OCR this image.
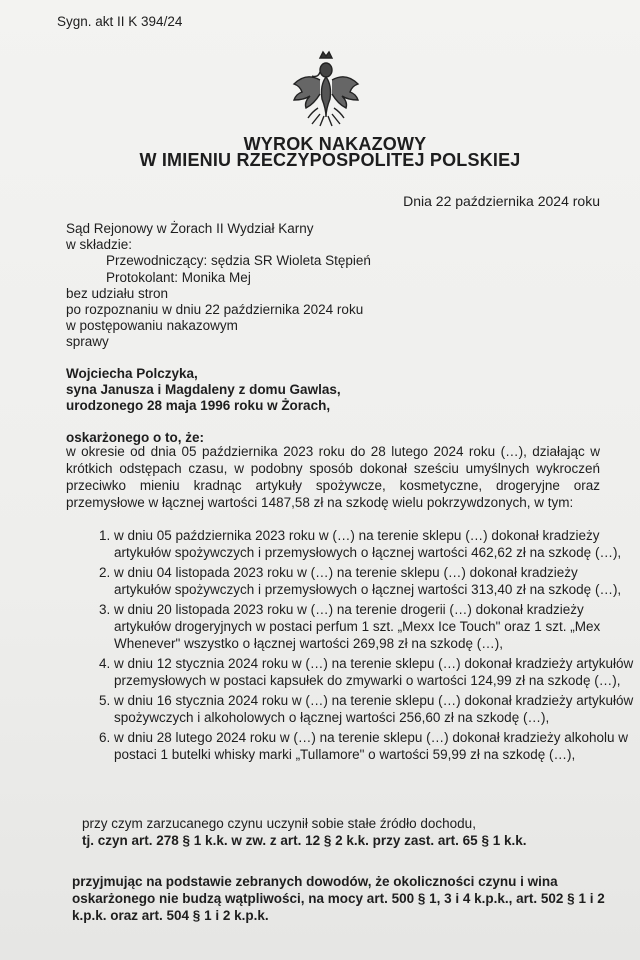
Sygn. akt II K 394/24
WYROK NAKAZOWY
W IMIENIU RZECZYPOSPOLITEJ POLSKIEJ
Dnia 22 października 2024 roku
Sąd Rejonowy w Żorach II Wydział Karny
w składzie:
Przewodniczący: sędzia SR Wioleta Stępień
Protokolant: Monika Mej
bez udziału stron
po rozpoznaniu w dniu 22 października 2024 roku
w postępowaniu nakazowym
sprawy
Wojciecha Polczyka,
syna Janusza i Magdaleny z domu Gawlas,
urodzonego 28 maja 1996 roku w Żorach,
oskarżonego o to, że:
w okresie od dnia 05 października 2023 roku do 28 lutego 2024 roku (…), działając w krótkich odstępach czasu, w podobny sposób dokonał sześciu umyślnych wykroczeń przeciwko mieniu kradnąc artykuły spożywcze, kosmetyczne, drogeryjne oraz przemysłowe w łącznej wartości 1487,58 zł na szkodę wielu pokrzywdzonych, w tym:
1. w dniu 05 października 2023 roku w (…) na terenie sklepu (…) dokonał kradzieży artykułów spożywczych i przemysłowych o łącznej wartości 462,62 zł na szkodę (…),
2. w dniu 04 listopada 2023 roku w (…) na terenie sklepu (…) dokonał kradzieży artykułów spożywczych i przemysłowych o łącznej wartości 313,40 zł na szkodę (…),
3. w dniu 20 listopada 2023 roku w (…) na terenie drogerii (…) dokonał kradzieży artykułów drogeryjnych w postaci perfum 1 szt. „Mexx Ice Touch" oraz 1 szt. „Mex Whenever" wszystko o łącznej wartości 269,98 zł na szkodę (…),
4. w dniu 12 stycznia 2024 roku w (…) na terenie sklepu (…) dokonał kradzieży artykułów przemysłowych w postaci kapsułek do zmywarki o wartości 124,99 zł na szkodę (…),
5. w dniu 16 stycznia 2024 roku w (…) na terenie sklepu (…) dokonał kradzieży artykułów spożywczych i alkoholowych o łącznej wartości 256,60 zł na szkodę (…),
6. w dniu 28 lutego 2024 roku w (…) na terenie sklepu (…) dokonał kradzieży alkoholu w postaci 1 butelki whisky marki „Tullamore" o wartości 59,99 zł na szkodę (…),
przy czym zarzucanego czynu uczynił sobie stałe źródło dochodu,
tj. czyn art. 278 § 1 k.k. w zw. z art. 12 § 2 k.k. przy zast. art. 65 § 1 k.k.
przyjmując na podstawie zebranych dowodów, że okoliczności czynu i wina oskarżonego nie budzą wątpliwości, na mocy art. 500 § 1, 3 i 4 k.p.k., art. 502 § 1 i 2 k.p.k. oraz art. 504 § 1 i 2 k.p.k.
